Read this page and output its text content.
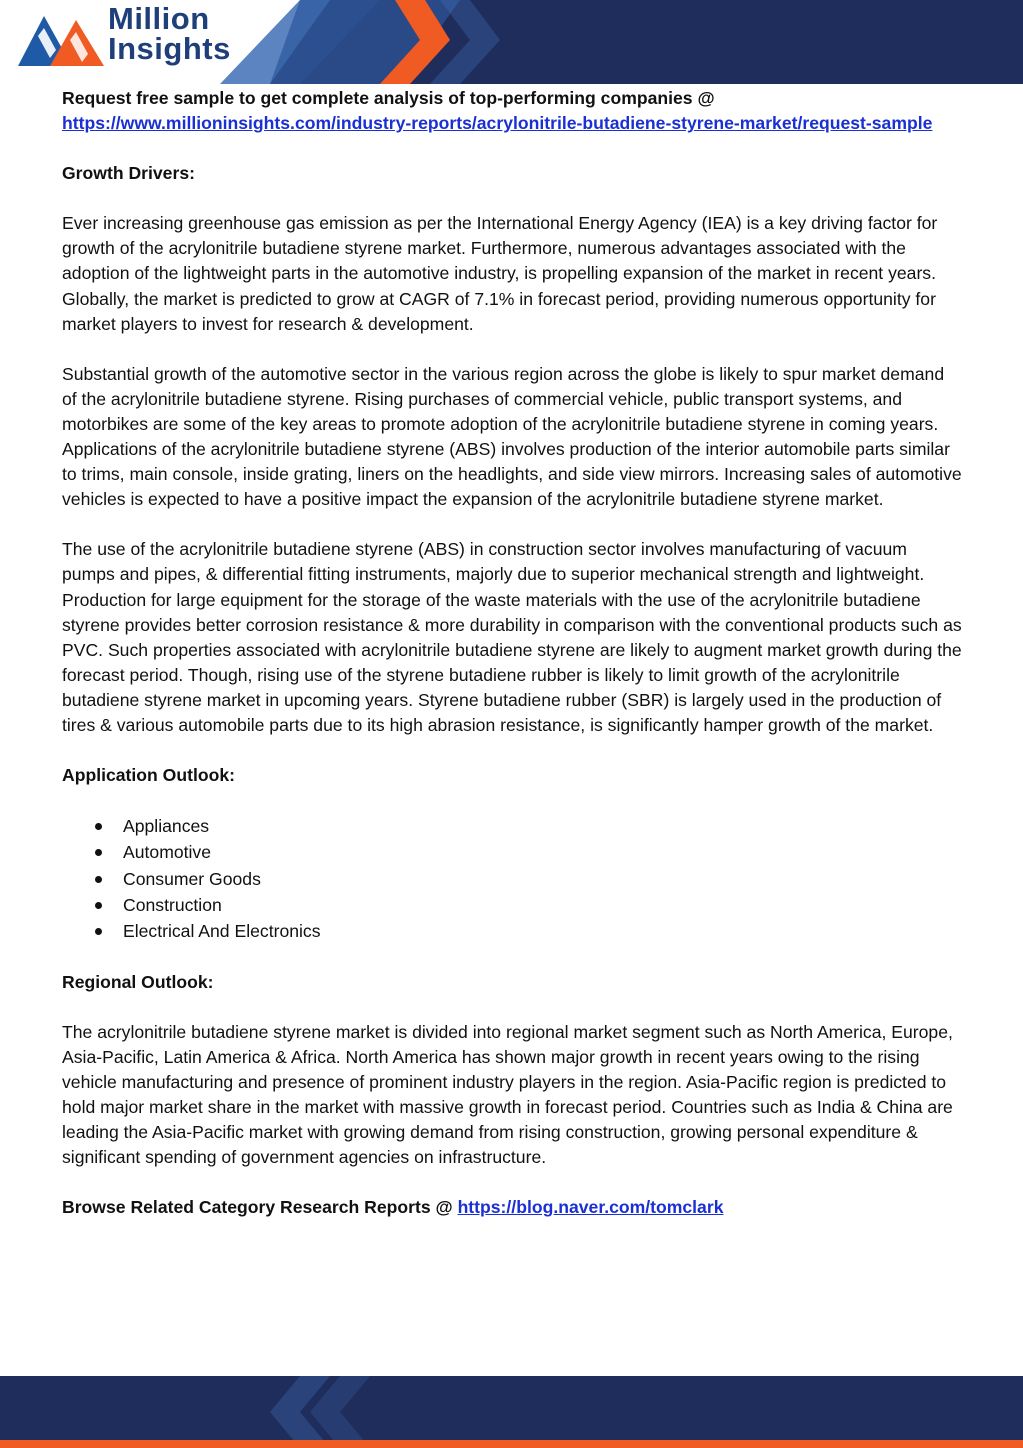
Million
Insights

Request free sample to get complete analysis of top-performing companies @
https://www.millioninsights.com/industry-reports/acrylonitrile-butadiene-styrene-market/request-sample

Growth Drivers:

Ever increasing greenhouse gas emission as per the International Energy Agency (IEA) is a key driving factor for growth of the acrylonitrile butadiene styrene market. Furthermore, numerous advantages associated with the adoption of the lightweight parts in the automotive industry, is propelling expansion of the market in recent years. Globally, the market is predicted to grow at CAGR of 7.1% in forecast period, providing numerous opportunity for market players to invest for research & development.

Substantial growth of the automotive sector in the various region across the globe is likely to spur market demand of the acrylonitrile butadiene styrene. Rising purchases of commercial vehicle, public transport systems, and motorbikes are some of the key areas to promote adoption of the acrylonitrile butadiene styrene in coming years. Applications of the acrylonitrile butadiene styrene (ABS) involves production of the interior automobile parts similar to trims, main console, inside grating, liners on the headlights, and side view mirrors. Increasing sales of automotive vehicles is expected to have a positive impact the expansion of the acrylonitrile butadiene styrene market.

The use of the acrylonitrile butadiene styrene (ABS) in construction sector involves manufacturing of vacuum pumps and pipes, & differential fitting instruments, majorly due to superior mechanical strength and lightweight. Production for large equipment for the storage of the waste materials with the use of the acrylonitrile butadiene styrene provides better corrosion resistance & more durability in comparison with the conventional products such as PVC. Such properties associated with acrylonitrile butadiene styrene are likely to augment market growth during the forecast period. Though, rising use of the styrene butadiene rubber is likely to limit growth of the acrylonitrile butadiene styrene market in upcoming years. Styrene butadiene rubber (SBR) is largely used in the production of tires & various automobile parts due to its high abrasion resistance, is significantly hamper growth of the market.

Application Outlook:

Appliances
Automotive
Consumer Goods
Construction
Electrical And Electronics

Regional Outlook:

The acrylonitrile butadiene styrene market is divided into regional market segment such as North America, Europe, Asia-Pacific, Latin America & Africa. North America has shown major growth in recent years owing to the rising vehicle manufacturing and presence of prominent industry players in the region. Asia-Pacific region is predicted to hold major market share in the market with massive growth in forecast period. Countries such as India & China are leading the Asia-Pacific market with growing demand from rising construction, growing personal expenditure & significant spending of government agencies on infrastructure.

Browse Related Category Research Reports @ https://blog.naver.com/tomclark
